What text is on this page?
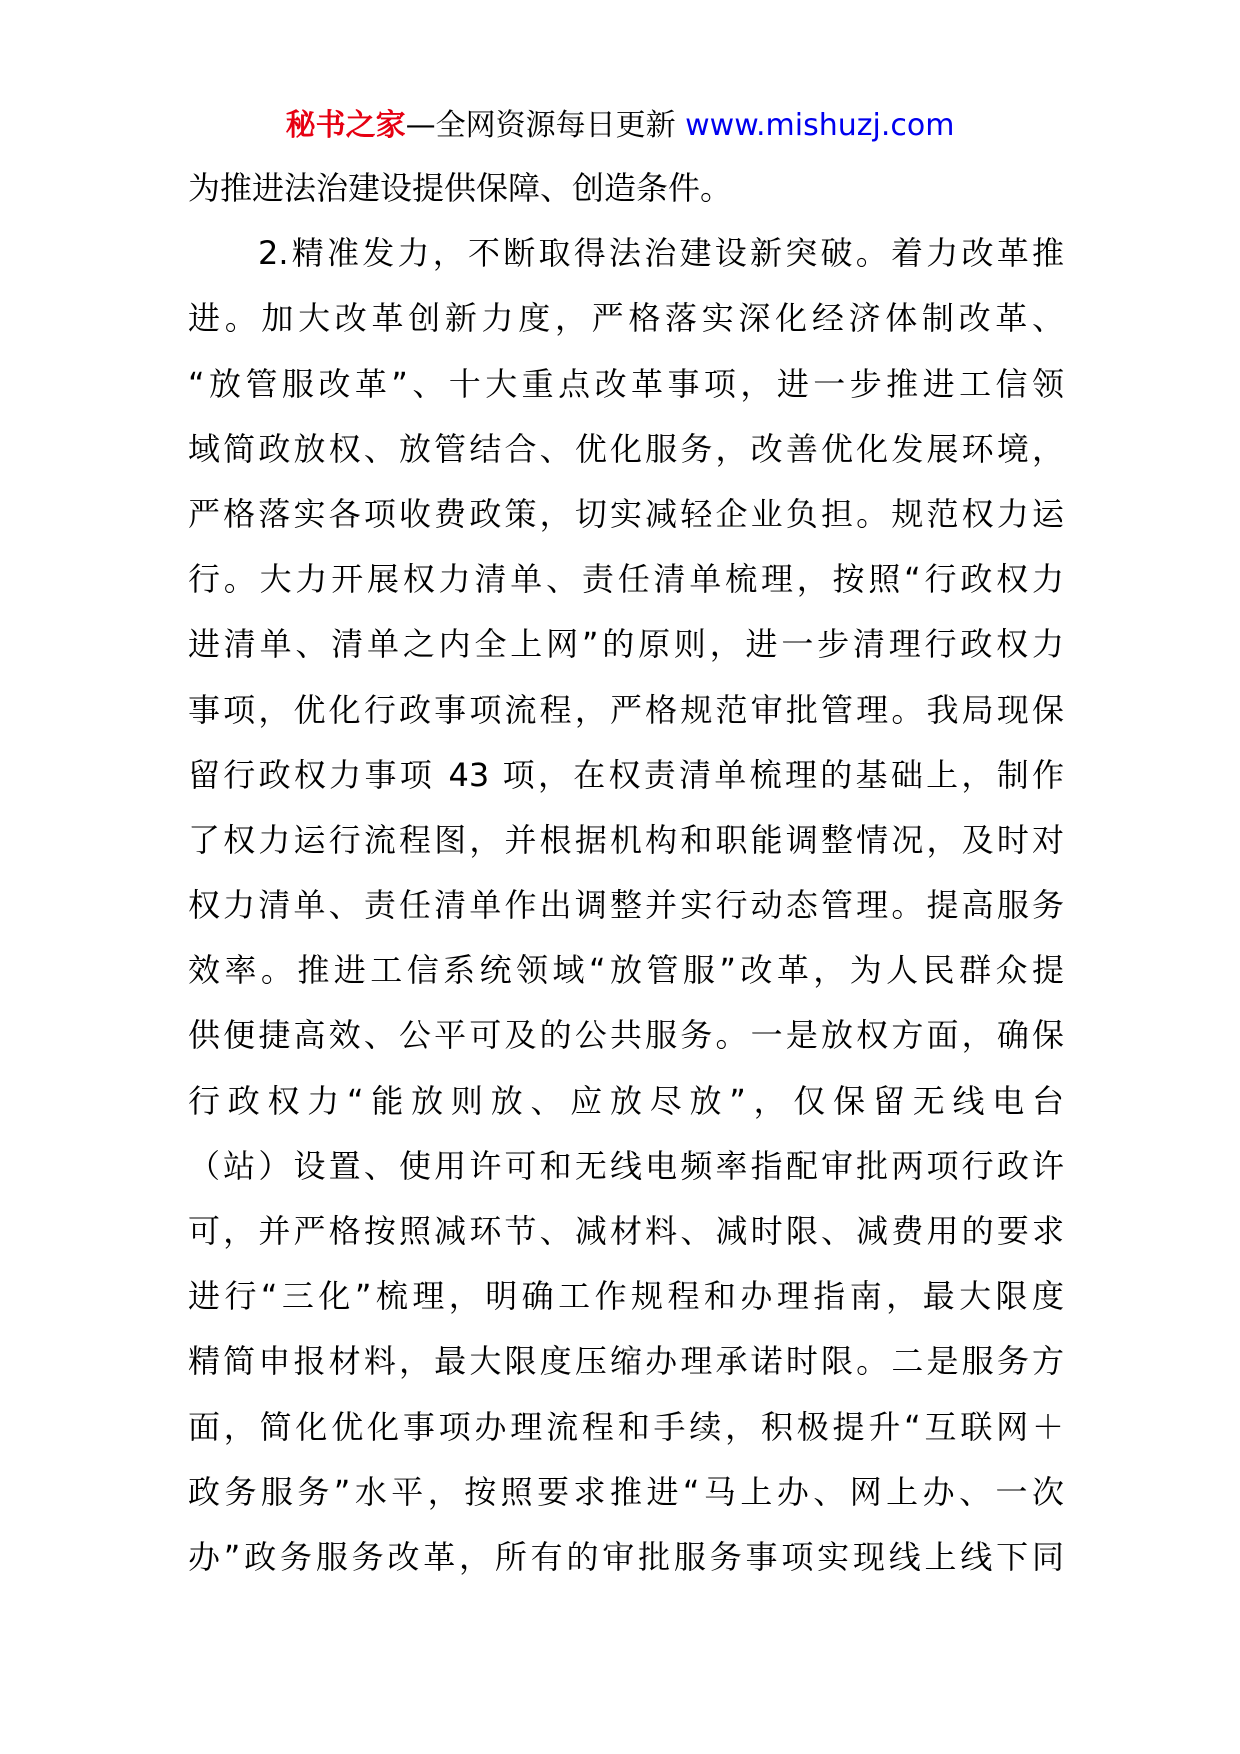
秘书之家—全网资源每日更新 www.mishuzj.com
为推进法治建设提供保障、创造条件。
2.精准发力，不断取得法治建设新突破。着力改革推
进。加大改革创新力度，严格落实深化经济体制改革、
“放管服改革”、十大重点改革事项，进一步推进工信领
域简政放权、放管结合、优化服务，改善优化发展环境，
严格落实各项收费政策，切实减轻企业负担。规范权力运
行。大力开展权力清单、责任清单梳理，按照“行政权力
进清单、清单之内全上网”的原则，进一步清理行政权力
事项，优化行政事项流程，严格规范审批管理。我局现保
留行政权力事项 43 项，在权责清单梳理的基础上，制作
了权力运行流程图，并根据机构和职能调整情况，及时对
权力清单、责任清单作出调整并实行动态管理。提高服务
效率。推进工信系统领域“放管服”改革，为人民群众提
供便捷高效、公平可及的公共服务。一是放权方面，确保
行政权力“能放则放、应放尽放”，仅保留无线电台
（站）设置、使用许可和无线电频率指配审批两项行政许
可，并严格按照减环节、减材料、减时限、减费用的要求
进行“三化”梳理，明确工作规程和办理指南，最大限度
精简申报材料，最大限度压缩办理承诺时限。二是服务方
面，简化优化事项办理流程和手续，积极提升“互联网＋
政务服务”水平，按照要求推进“马上办、网上办、一次
办”政务服务改革，所有的审批服务事项实现线上线下同
